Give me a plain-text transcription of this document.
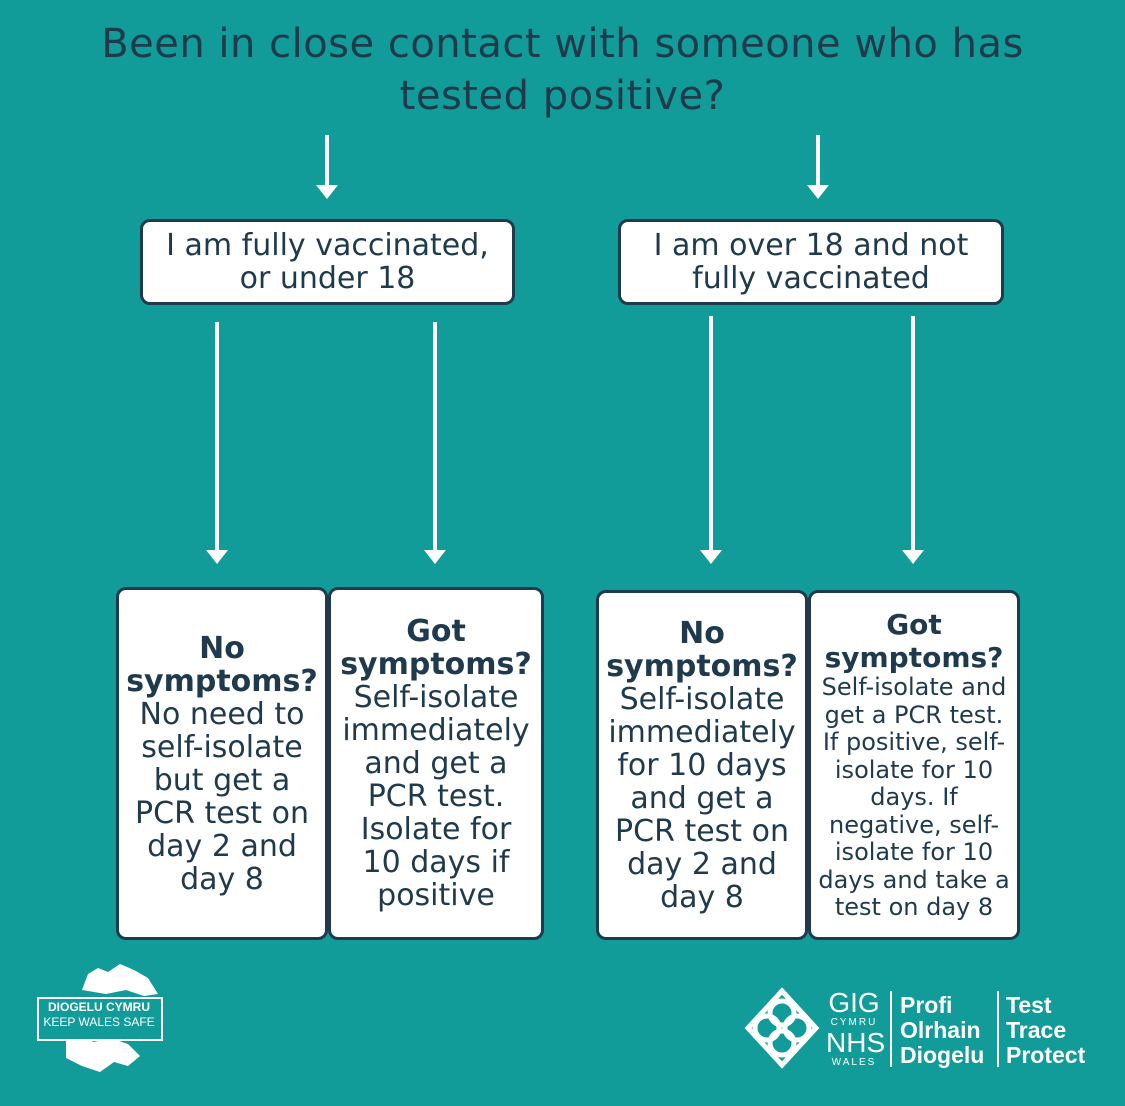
Been in close contact with someone who has tested positive?
I am fully vaccinated, or under 18
I am over 18 and not fully vaccinated
No symptoms?
No need to self-isolate but get a PCR test on day 2 and day 8
Got symptoms?
Self-isolate immediately and get a PCR test. Isolate for 10 days if positive
No symptoms?
Self-isolate immediately for 10 days and get a PCR test on day 2 and day 8
Got symptoms?
Self-isolate and get a PCR test. If positive, self-isolate for 10 days. If negative, self-isolate for 10 days and take a test on day 8
DIOGELU CYMRU
KEEP WALES SAFE
GIG
CYMRU
NHS
WALES
Profi
Olrhain
Diogelu
Test
Trace
Protect
